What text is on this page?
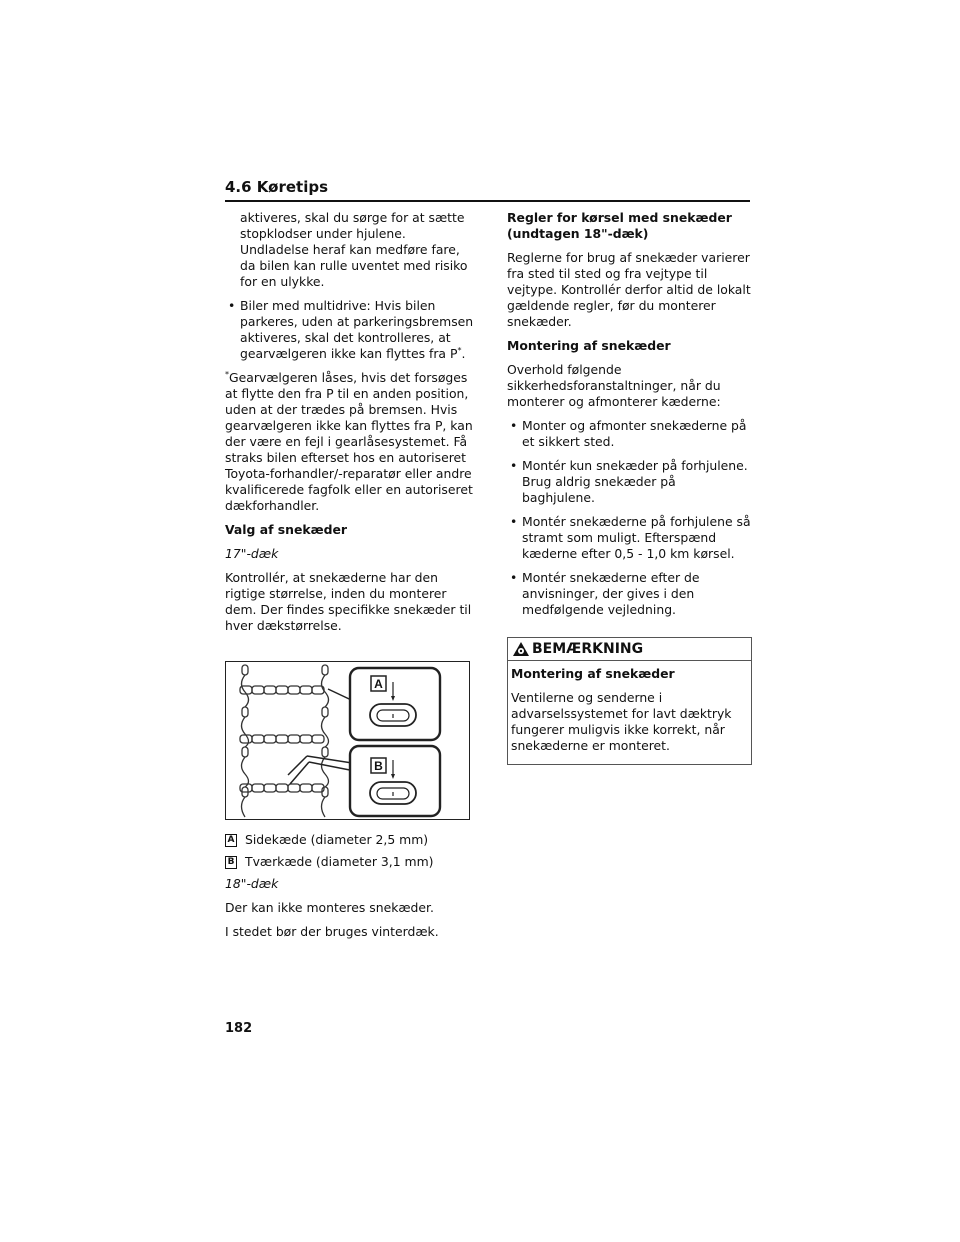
4.6 Køretips

aktiveres, skal du sørge for at sætte stopklodser under hjulene. Undladelse heraf kan medføre fare, da bilen kan rulle uventet med risiko for en ulykke.

• Biler med multidrive: Hvis bilen parkeres, uden at parkeringsbremsen aktiveres, skal det kontrolleres, at gearvælgeren ikke kan flyttes fra P*.

*Gearvælgeren låses, hvis det forsøges at flytte den fra P til en anden position, uden at der trædes på bremsen. Hvis gearvælgeren ikke kan flyttes fra P, kan der være en fejl i gearlåsesystemet. Få straks bilen efterset hos en autoriseret Toyota-forhandler/-reparatør eller andre kvalificerede fagfolk eller en autoriseret dækforhandler.

Valg af snekæder

17"-dæk

Kontrollér, at snekæderne har den rigtige størrelse, inden du monterer dem. Der findes specifikke snekæder til hver dækstørrelse.

A
B
A Sidekæde (diameter 2,5 mm)
B Tværkæde (diameter 3,1 mm)

18"-dæk

Der kan ikke monteres snekæder.

I stedet bør der bruges vinterdæk.

Regler for kørsel med snekæder (undtagen 18"-dæk)

Reglerne for brug af snekæder varierer fra sted til sted og fra vejtype til vejtype. Kontrollér derfor altid de lokalt gældende regler, før du monterer snekæder.

Montering af snekæder

Overhold følgende sikkerhedsforanstaltninger, når du monterer og afmonterer kæderne:

• Monter og afmonter snekæderne på et sikkert sted.
• Montér kun snekæder på forhjulene. Brug aldrig snekæder på baghjulene.
• Montér snekæderne på forhjulene så stramt som muligt. Efterspænd kæderne efter 0,5 - 1,0 km kørsel.
• Montér snekæderne efter de anvisninger, der gives i den medfølgende vejledning.
BEMÆRKNING

Montering af snekæder

Ventilerne og senderne i advarselssystemet for lavt dæktryk fungerer muligvis ikke korrekt, når snekæderne er monteret.

182
